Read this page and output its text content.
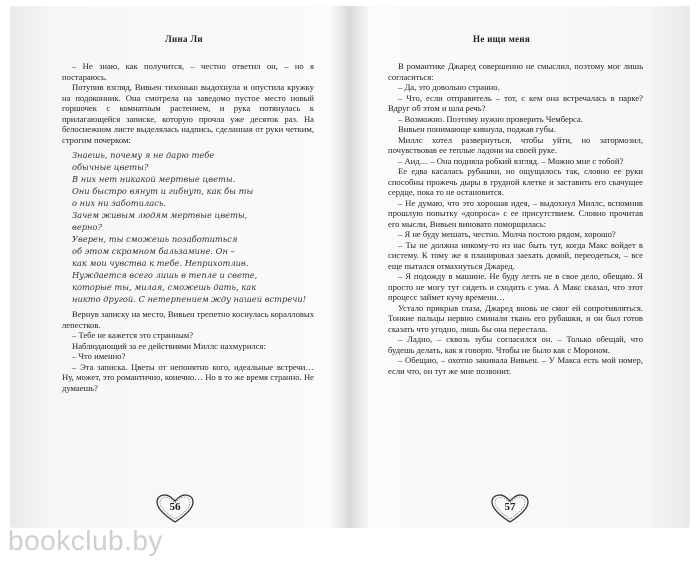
Лина Ли

– Не знаю, как получится, – честно ответил он, – но я постараюсь.

Потупив взгляд, Вивьен тихонько выдохнула и опустила кружку на подоконник. Она смотрела на заведомо пустое место новый горшочек с комнатным растением, и рука потянулась к прилагающейся записке, которую прочла уже десяток раз. На белоснежном листе выделялась надпись, сделанная от руки четким, строгим почерком:

Знаешь, почему я не дарю тебе
обычные цветы?
В них нет никакой мертвые цветы.
Они быстро вянут и гибнут, как бы ты
о них ни заботилась.
Зачем живым людям мертвые цветы,
верно?
Уверен, ты сможешь позаботиться
об этом скромном бальзамине. Он –
как мои чувства к тебе. Неприхотлив.
Нуждается всего лишь в тепле и свете,
которые ты, милая, сможешь дать, как
никто другой. С нетерпением жду нашей встречи!

Вернув записку на место, Вивьен трепетно коснулась коралловых лепестков.

– Тебе не кажется это странным?

Наблюдающий за ее действиями Миллс нахмурился:

– Что именно?

– Эта записка. Цветы от непонятно кого, идеальные встречи… Ну, может, это романтично, конечно… Но в то же время странно. Не думаешь?

56
Не ищи меня

В романтике Джаред совершенно не смыслил, поэтому мог лишь согласиться:

– Да, это довольно странно.

– Что, если отправитель – тот, с кем она встречалась в парке? Вдруг об этом и шла речь?

– Возможно. Поэтому нужно проверить Чемберса.

Вивьен понимающе кивнула, поджав губы.

Миллс хотел развернуться, чтобы уйти, но затормозил, почувствовав ее теплые ладони на своей руке.

– Аид… – Она подняла робкий взгляд. – Можно мне с тобой?

Ее едва касалась рубашки, но ощущалось так, словно ее руки способны прожечь дыры в грудной клетке и заставить его скачущее сердце, пока то не остановится.

– Не думаю, что это хорошая идея, – выдохнул Миллс, вспомнив прошлую попытку «допроса» с ее присутствием. Словно прочитав его мысли, Вивьен виновато поморщилась:

– Я не буду мешать, честно. Молча постою рядом, хорошо?

– Ты не должна никому-то из нас быть тут, когда Макс войдет в систему. К тому же я планировал заехать домой, переодеться, – все еще пытался отмахнуться Джаред.

– Я подожду в машине. Не буду лезть не в свое дело, обещаю. Я просто не могу тут сидеть и сходить с ума. А Макс сказал, что этот процесс займет кучу времени…

Устало прикрыв глаза, Джаред вновь не смог ей сопротивляться. Тонкие пальцы нервно сминали ткань его рубашки, и он был готов сказать что угодно, лишь бы она перестала.

– Ладно, – сквозь зубы согласился он. – Только обещай, что будешь делать, как я говорю. Чтобы не было как с Мороном.

– Обещаю, – охотно закивала Вивьен. – У Макса есть мой номер, если что, он тут же мне позвонит.

57
bookclub.by
